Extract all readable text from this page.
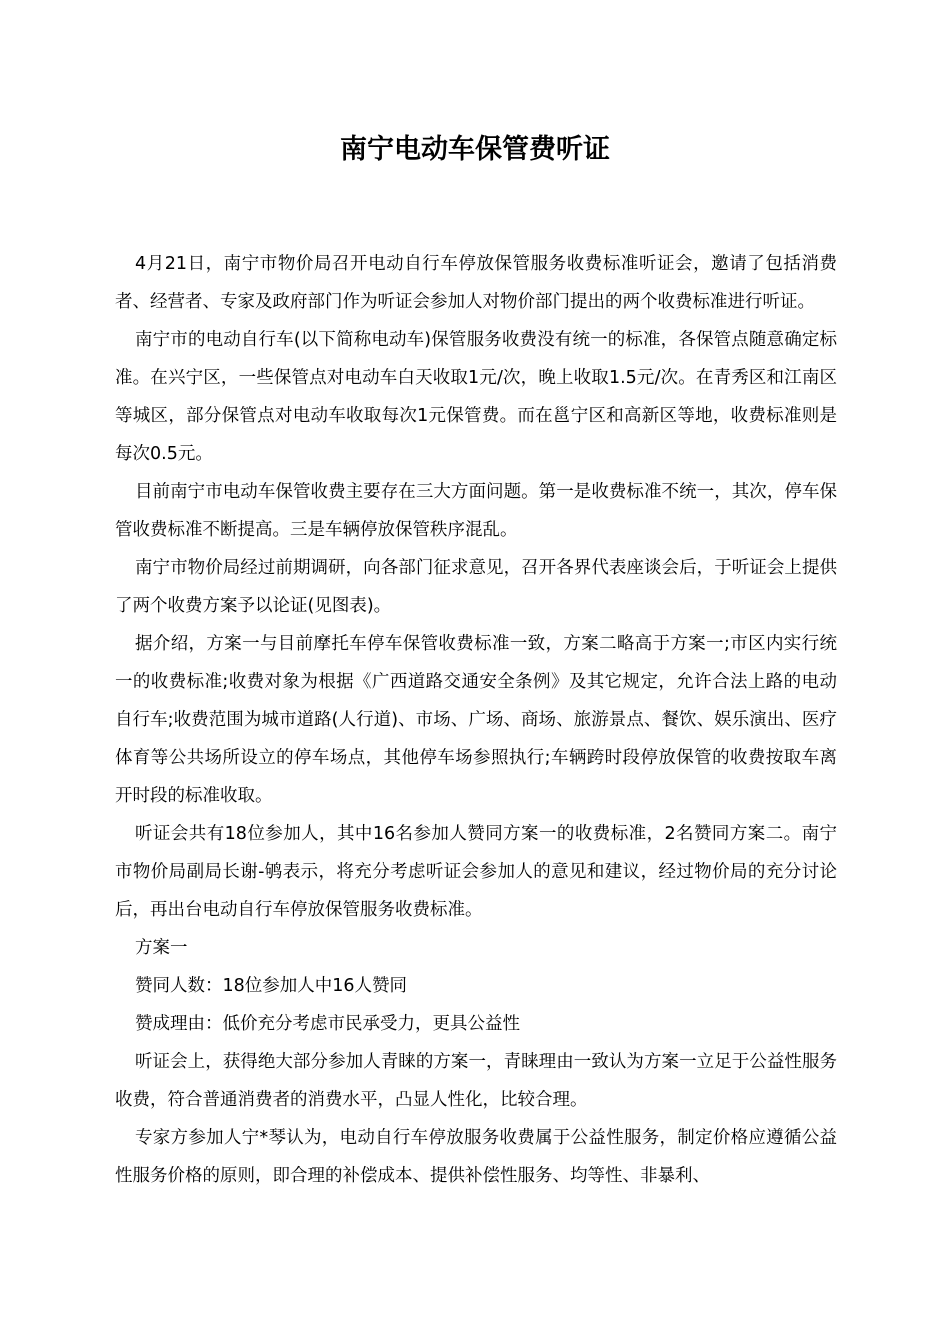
南宁电动车保管费听证

4月21日，南宁市物价局召开电动自行车停放保管服务收费标准听证会，邀请了包括消费者、经营者、专家及政府部门作为听证会参加人对物价部门提出的两个收费标准进行听证。

南宁市的电动自行车(以下简称电动车)保管服务收费没有统一的标准，各保管点随意确定标准。在兴宁区，一些保管点对电动车白天收取1元/次，晚上收取1.5元/次。在青秀区和江南区等城区，部分保管点对电动车收取每次1元保管费。而在邕宁区和高新区等地，收费标准则是每次0.5元。

目前南宁市电动车保管收费主要存在三大方面问题。第一是收费标准不统一，其次，停车保管收费标准不断提高。三是车辆停放保管秩序混乱。

南宁市物价局经过前期调研，向各部门征求意见，召开各界代表座谈会后，于听证会上提供了两个收费方案予以论证(见图表)。

据介绍，方案一与目前摩托车停车保管收费标准一致，方案二略高于方案一;市区内实行统一的收费标准;收费对象为根据《广西道路交通安全条例》及其它规定，允许合法上路的电动自行车;收费范围为城市道路(人行道)、市场、广场、商场、旅游景点、餐饮、娱乐演出、医疗体育等公共场所设立的停车场点，其他停车场参照执行;车辆跨时段停放保管的收费按取车离开时段的标准收取。

听证会共有18位参加人，其中16名参加人赞同方案一的收费标准，2名赞同方案二。南宁市物价局副局长谢-鸲表示，将充分考虑听证会参加人的意见和建议，经过物价局的充分讨论后，再出台电动自行车停放保管服务收费标准。

方案一

赞同人数：18位参加人中16人赞同

赞成理由：低价充分考虑市民承受力，更具公益性

听证会上，获得绝大部分参加人青睐的方案一，青睐理由一致认为方案一立足于公益性服务收费，符合普通消费者的消费水平，凸显人性化，比较合理。

专家方参加人宁*琴认为，电动自行车停放服务收费属于公益性服务，制定价格应遵循公益性服务价格的原则，即合理的补偿成本、提供补偿性服务、均等性、非暴利、
